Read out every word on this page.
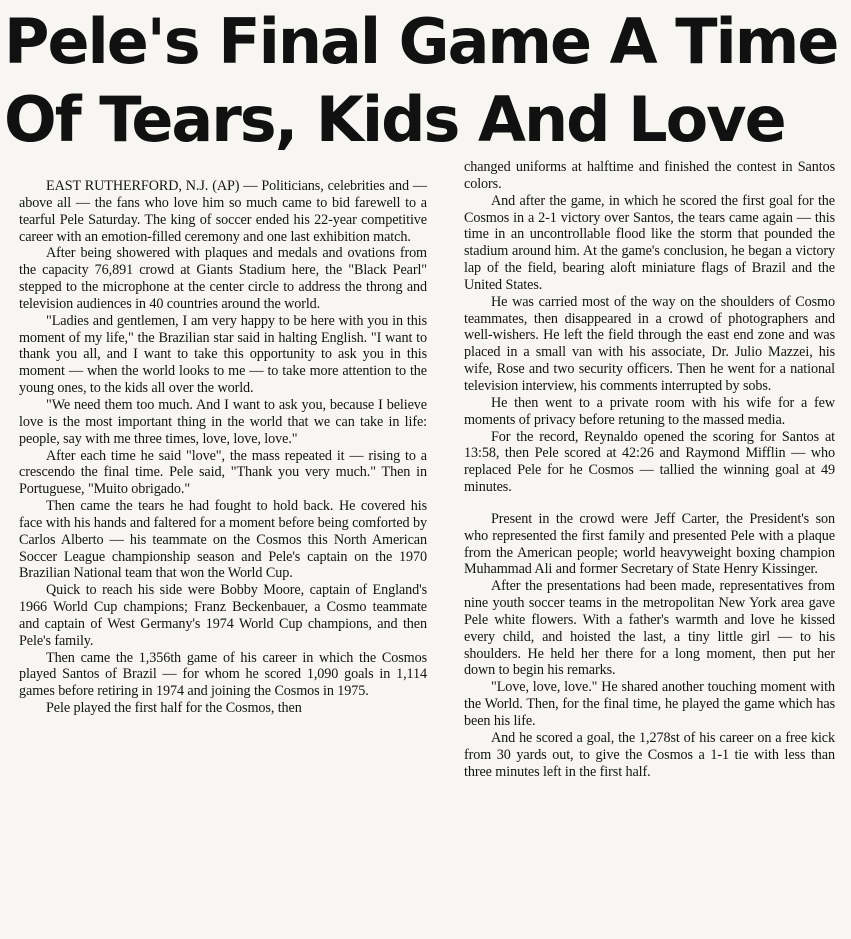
Pele's Final Game A Time
Of Tears, Kids And Love

EAST RUTHERFORD, N.J. (AP) — Politicians, celebrities and — above all — the fans who love him so much came to bid farewell to a tearful Pele Saturday. The king of soccer ended his 22-year competitive career with an emotion-filled ceremony and one last exhibition match.

After being showered with plaques and medals and ovations from the capacity 76,891 crowd at Giants Stadium here, the "Black Pearl" stepped to the microphone at the center circle to address the throng and television audiences in 40 countries around the world.

"Ladies and gentlemen, I am very happy to be here with you in this moment of my life," the Brazilian star said in halting English. "I want to thank you all, and I want to take this opportunity to ask you in this moment — when the world looks to me — to take more attention to the young ones, to the kids all over the world.

"We need them too much. And I want to ask you, because I believe love is the most important thing in the world that we can take in life: people, say with me three times, love, love, love."

After each time he said "love", the mass repeated it — rising to a crescendo the final time. Pele said, "Thank you very much." Then in Portuguese, "Muito obrigado."

Then came the tears he had fought to hold back. He covered his face with his hands and faltered for a moment before being comforted by Carlos Alberto — his teammate on the Cosmos this North American Soccer League championship season and Pele's captain on the 1970 Brazilian National team that won the World Cup.

Quick to reach his side were Bobby Moore, captain of England's 1966 World Cup champions; Franz Beckenbauer, a Cosmo teammate and captain of West Germany's 1974 World Cup champions, and then Pele's family.

Then came the 1,356th game of his career in which the Cosmos played Santos of Brazil — for whom he scored 1,090 goals in 1,114 games before retiring in 1974 and joining the Cosmos in 1975.

Pele played the first half for the Cosmos, then

changed uniforms at halftime and finished the contest in Santos colors.

And after the game, in which he scored the first goal for the Cosmos in a 2-1 victory over Santos, the tears came again — this time in an uncontrollable flood like the storm that pounded the stadium around him. At the game's conclusion, he began a victory lap of the field, bearing aloft miniature flags of Brazil and the United States.

He was carried most of the way on the shoulders of Cosmo teammates, then disappeared in a crowd of photographers and well-wishers. He left the field through the east end zone and was placed in a small van with his associate, Dr. Julio Mazzei, his wife, Rose and two security officers. Then he went for a national television interview, his comments interrupted by sobs.

He then went to a private room with his wife for a few moments of privacy before retuning to the massed media.

For the record, Reynaldo opened the scoring for Santos at 13:58, then Pele scored at 42:26 and Raymond Mifflin — who replaced Pele for he Cosmos — tallied the winning goal at 49 minutes.

Present in the crowd were Jeff Carter, the President's son who represented the first family and presented Pele with a plaque from the American people; world heavyweight boxing champion Muhammad Ali and former Secretary of State Henry Kissinger.

After the presentations had been made, representatives from nine youth soccer teams in the metropolitan New York area gave Pele white flowers. With a father's warmth and love he kissed every child, and hoisted the last, a tiny little girl — to his shoulders. He held her there for a long moment, then put her down to begin his remarks.

"Love, love, love." He shared another touching moment with the World. Then, for the final time, he played the game which has been his life.

And he scored a goal, the 1,278st of his career on a free kick from 30 yards out, to give the Cosmos a 1-1 tie with less than three minutes left in the first half.
